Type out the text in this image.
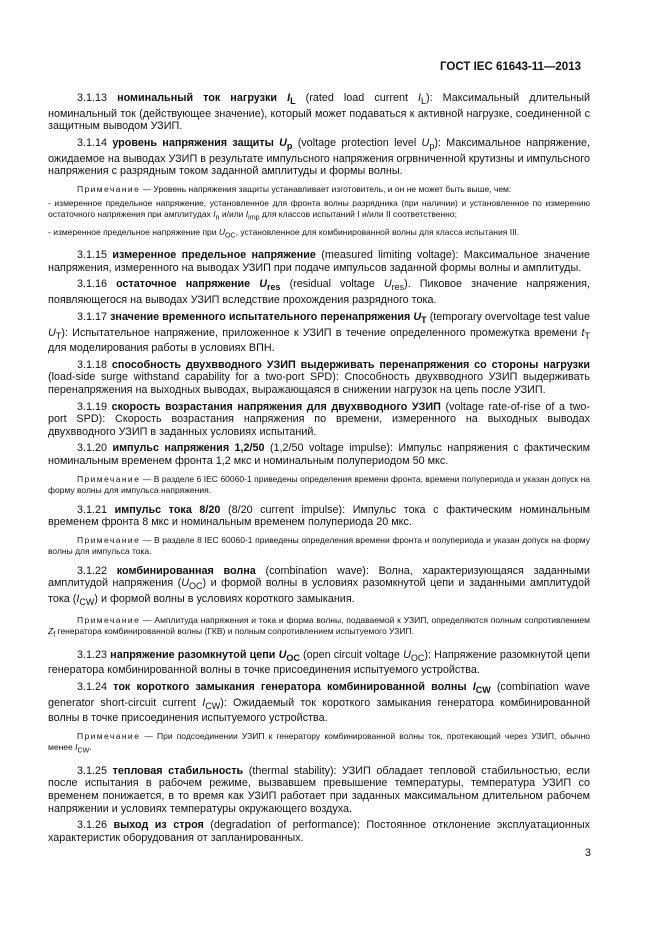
ГОСТ IEC 61643-11—2013

3.1.13 номинальный ток нагрузки $I_L$ (rated load current $I_L$): Максимальный длительный номинальный ток (действующее значение), который может подаваться к активной нагрузке, соединенной с защитным выводом УЗИП.

3.1.14 уровень напряжения защиты $U_p$ (voltage protection level $U_p$): Максимальное напряжение, ожидаемое на выводах УЗИП в результате импульсного напряжения огрвниченной крутизны и импульсного напряжения с разрядным током заданной амплитуды и формы волны.

Примечание — Уровень напряжения защиты устанавливает изготовитель, и он не может быть выше, чем:

- измеренное предельное напряжение, установленное для фронта волны разрядника (при наличии) и установленное по измерению остаточного напряжения при амплитудах $I_n$ и/или $I_{imp}$ для классов испытаний I и/или II соответственно;

- измеренное предельное напряжение при $U_{OC}$, установленное для комбинированной волны для класса испытания III.

3.1.15 измеренное предельное напряжение (measured limiting voltage): Максимальное значение напряжения, измеренного на выводах УЗИП при подаче импульсов заданной формы волны и амплитуды.

3.1.16 остаточное напряжение $U_{res}$ (residual voltage $U_{res}$). Пиковое значение напряжения, появляющегося на выводах УЗИП вследствие прохождения разрядного тока.

3.1.17 значение временного испытательного перенапряжения $U_T$ (temporary overvoltage test value $U_T$): Испытательное напряжение, приложенное к УЗИП в течение определенного промежутка времени $t_T$ для моделирования работы в условиях ВПН.

3.1.18 способность двухвводного УЗИП выдерживать перенапряжения со стороны нагрузки (load-side surge withstand capability for a two-port SPD): Способность двухвводного УЗИП выдерживать перенапряжения на выходных выводах, выражающаяся в снижении нагрузок на цепь после УЗИП.

3.1.19 скорость возрастания напряжения для двухвводного УЗИП (voltage rate-of-rise of a two-port SPD): Скорость возрастания напряжения по времени, измеренного на выходных выводах двухвводного УЗИП в заданных условиях испытаний.

3.1.20 импульс напряжения 1,2/50 (1,2/50 voltage impulse): Импульс напряжения с фактическим номинальным временем фронта 1,2 мкс и номинальным полупериодом 50 мкс.

Примечание — В разделе 6 IEC 60060-1 приведены определения времени фронта, времени полупериода и указан допуск на форму волны для импульса напряжения.

3.1.21 импульс тока 8/20 (8/20 current impulse): Импульс тока с фактическим номинальным временем фронта 8 мкс и номинальным временем полупериода 20 мкс.

Примечание — В разделе 8 IEC 60060-1 приведены определения времени фронта и полупериода и указан допуск на форму волны для импульса тока.

3.1.22 комбинированная волна (combination wave): Волна, характеризующаяся заданными амплитудой напряжения $(U_{OC})$ и формой волны в условиях разомкнутой цепи и заданными амплитудой тока $(I_{CW})$ и формой волны в условиях короткого замыкания.

Примечание — Амплитуда напряжения и тока и форма волны, подаваемой к УЗИП, определяются полным сопротивлением $Z_f$ генератора комбинированной волны (ГКВ) и полным сопротивлением испытуемого УЗИП.

3.1.23 напряжение разомкнутой цепи $U_{OC}$ (open circuit voltage $U_{OC}$): Напряжение разомкнутой цепи генератора комбинированной волны в точке присоединения испытуемого устройства.

3.1.24 ток короткого замыкания генератора комбинированной волны $I_{CW}$ (combination wave generator short-circuit current $I_{CW}$): Ожидаемый ток короткого замыкания генератора комбинированной волны в точке присоединения испытуемого устройства.

Примечание — При подсоединении УЗИП к генератору комбинированной волны ток, протекающий через УЗИП, обычно менее $I_{CW}$.

3.1.25 тепловая стабильность (thermal stability): УЗИП обладает тепловой стабильностью, если после испытания в рабочем режиме, вызвавшем превышение температуры, температура УЗИП со временем понижается, в то время как УЗИП работает при заданных максимальном длительном рабочем напряжении и условиях температуры окружающего воздуха.

3.1.26 выход из строя (degradation of performance): Постоянное отклонение эксплуатационных характеристик оборудования от запланированных.

3
